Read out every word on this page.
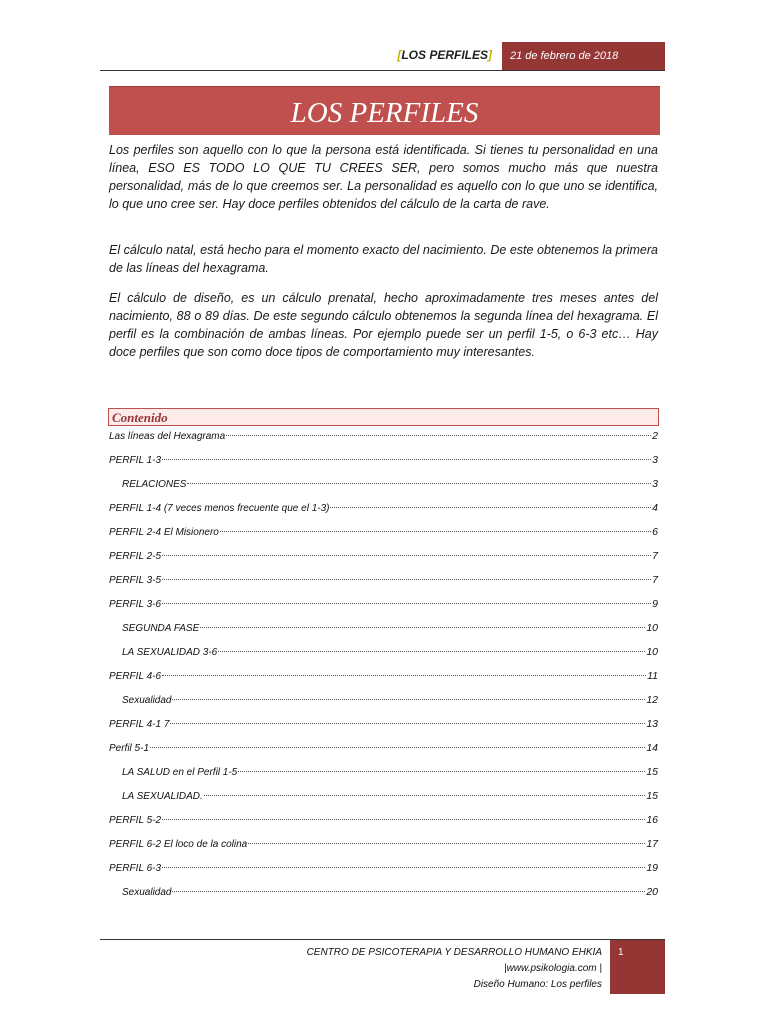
[LOS PERFILES]	21 de febrero de 2018
LOS PERFILES
Los perfiles son aquello con lo que la persona está identificada. Si tienes tu personalidad en una línea, ESO ES TODO LO QUE TU CREES SER, pero somos mucho más que nuestra personalidad, más de lo que creemos ser. La personalidad es aquello con lo que uno se identifica, lo que uno cree ser. Hay doce perfiles obtenidos del cálculo de la carta de rave.
El cálculo natal, está hecho para el momento exacto del nacimiento. De este obtenemos la primera de las líneas del hexagrama.
El cálculo de diseño, es un cálculo prenatal, hecho aproximadamente tres meses antes del nacimiento, 88 o 89 días. De este segundo cálculo obtenemos la segunda línea del hexagrama. El perfil es la combinación de ambas líneas. Por ejemplo puede ser un perfil 1-5, o 6-3 etc… Hay doce perfiles que son como doce tipos de comportamiento muy interesantes.
Contenido
Las líneas del Hexagrama	2
PERFIL 1-3	3
RELACIONES	3
PERFIL 1-4 (7 veces menos frecuente que el 1-3)	4
PERFIL 2-4 El Misionero	6
PERFIL 2-5	7
PERFIL 3-5	7
PERFIL 3-6	9
SEGUNDA FASE	10
LA SEXUALIDAD 3-6	10
PERFIL 4-6	11
Sexualidad	12
PERFIL 4-1 7	13
Perfil 5-1	14
LA SALUD en el Perfil 1-5	15
LA SEXUALIDAD.	15
PERFIL 5-2	16
PERFIL 6-2 El loco de la colina	17
PERFIL 6-3	19
Sexualidad	20
CENTRO DE PSICOTERAPIA Y DESARROLLO HUMANO EHKIA
|www.psikologia.com |
Diseño Humano: Los perfiles
1
